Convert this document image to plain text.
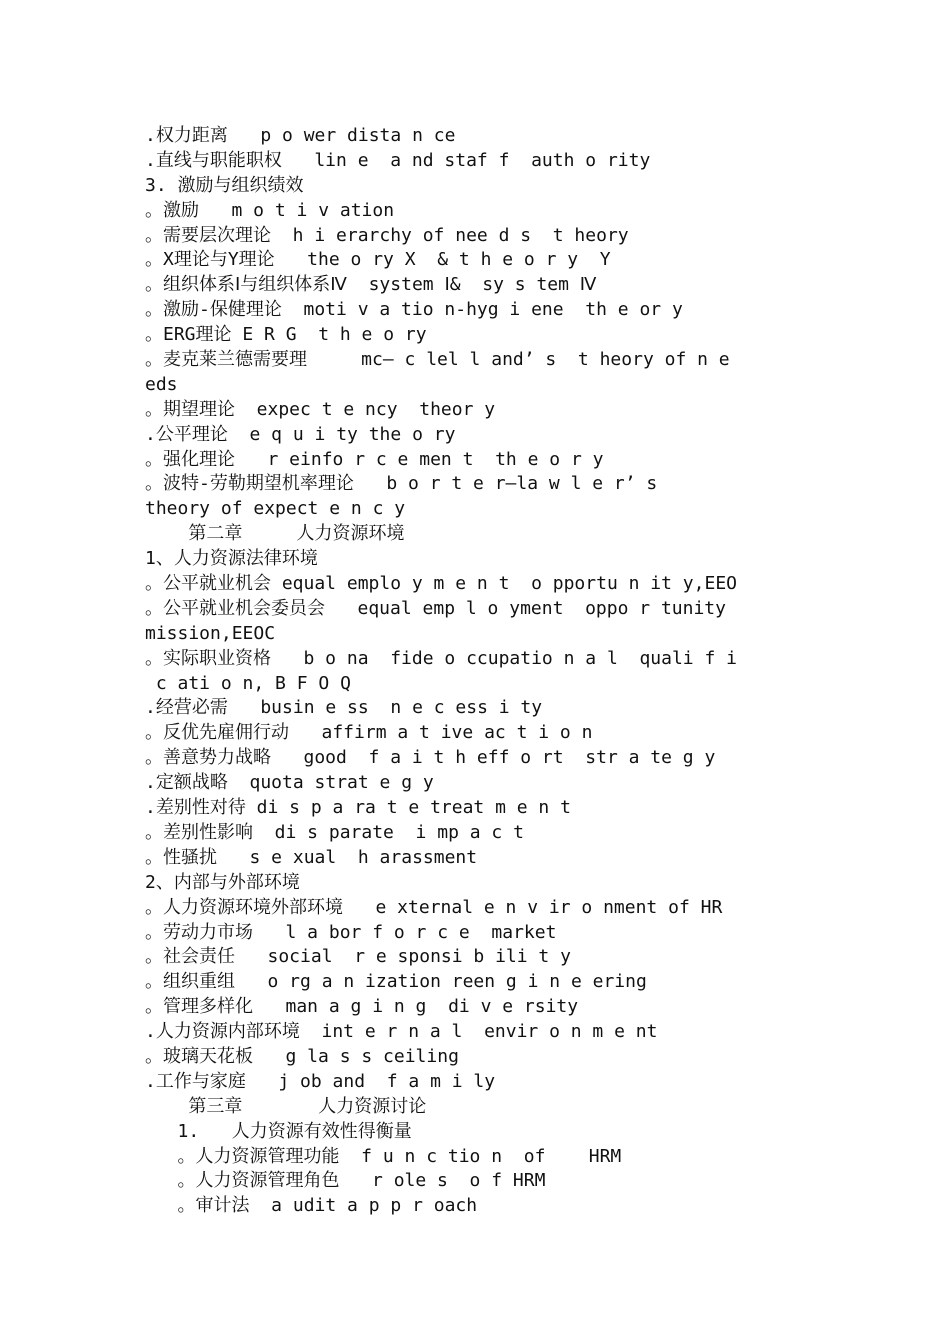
.权力距离   p o wer dista n ce
.直线与职能职权   lin e  a nd staf f  auth o rity
3. 激励与组织绩效
。激励   m o t i v ation
。需要层次理论  h i erarchy of nee d s  t heory
。X理论与Y理论   the o ry X  & t h e o r y  Y
。组织体系Ⅰ与组织体系Ⅳ  system Ⅰ&  sy s tem Ⅳ
。激励-保健理论  moti v a tio n-hyg i ene  th e or y
。ERG理论 E R G  t h e o ry
。麦克莱兰德需要理     mc— c lel l and’ s  t heory of n e
eds
。期望理论  expec t e ncy  theor y
.公平理论  e q u i ty the o ry
。强化理论   r einfo r c e men t  th e o r y
。波特-劳勒期望机率理论   b o r t e r—la w l e r’ s
theory of expect e n c y
第二章     人力资源环境
1、人力资源法律环境
。公平就业机会 equal emplo y m e n t  o pportu n it y,EEO
。公平就业机会委员会   equal emp l o yment  oppo r tunity
mission,EEOC
。实际职业资格   b o na  fide o ccupatio n a l  quali f i
c ati o n, B F O Q
.经营必需   busin e ss  n e c ess i ty
。反优先雇佣行动   affirm a t ive ac t i o n
。善意势力战略   good  f a i t h eff o rt  str a te g y
.定额战略  quota strat e g y
.差别性对待 di s p a ra t e treat m e n t
。差别性影响  di s parate  i mp a c t
。性骚扰   s e xual  h arassment
2、内部与外部环境
。人力资源环境外部环境   e xternal e n v ir o nment of HR
。劳动力市场   l a bor f o r c e  market
。社会责任   social  r e sponsi b ili t y
。组织重组   o rg a n ization reen g i n e ering
。管理多样化   man a g i n g  di v e rsity
.人力资源内部环境  int e r n a l  envir o n m e nt
。玻璃天花板   g la s s ceiling
.工作与家庭   j ob and  f a m i ly
第三章       人力资源讨论
1.   人力资源有效性得衡量
。人力资源管理功能  f u n c tio n  of    HRM
。人力资源管理角色   r ole s  o f HRM
。审计法  a udit a p p r oach
